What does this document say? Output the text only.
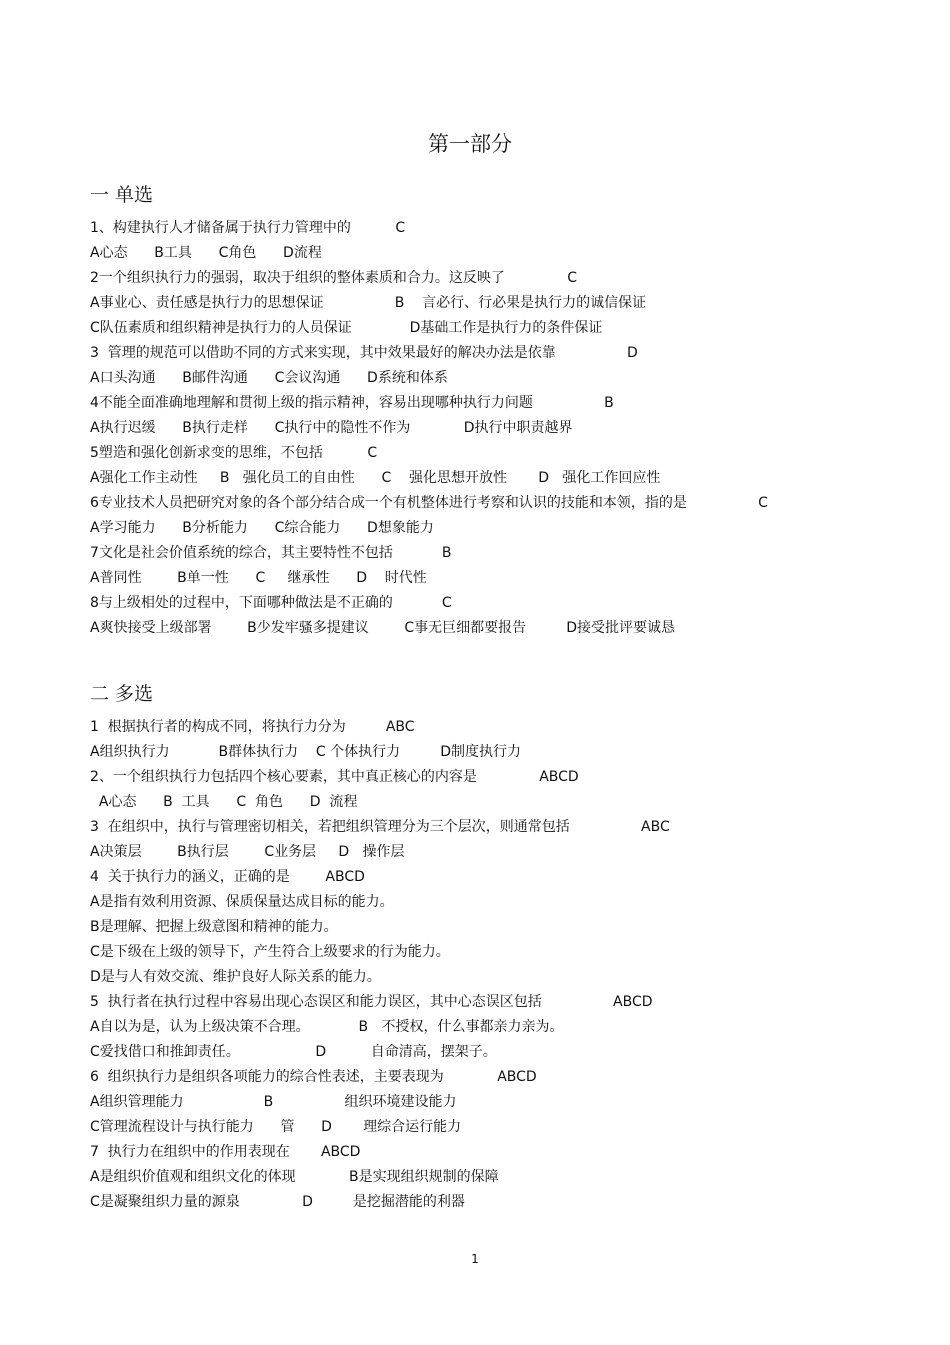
第一部分
一 单选
1、构建执行人才储备属于执行力管理中的          C
A心态      B工具      C角色      D流程
2一个组织执行力的强弱，取决于组织的整体素质和合力。这反映了              C
A事业心、责任感是执行力的思想保证                B    言必行、行必果是执行力的诚信保证
C队伍素质和组织精神是执行力的人员保证             D基础工作是执行力的条件保证
3  管理的规范可以借助不同的方式来实现，其中效果最好的解决办法是依靠                D
A口头沟通      B邮件沟通      C会议沟通      D系统和体系
4不能全面准确地理解和贯彻上级的指示精神，容易出现哪种执行力问题                B
A执行迟缓      B执行走样      C执行中的隐性不作为            D执行中职责越界
5塑造和强化创新求变的思维，不包括          C
A强化工作主动性     B   强化员工的自由性      C    强化思想开放性       D   强化工作回应性
6专业技术人员把研究对象的各个部分结合成一个有机整体进行考察和认识的技能和本领，指的是                C
A学习能力      B分析能力      C综合能力      D想象能力
7文化是社会价值系统的综合，其主要特性不包括           B
A普同性        B单一性      C     继承性      D    时代性
8与上级相处的过程中，下面哪种做法是不正确的           C
A爽快接受上级部署        B少发牢骚多提建议        C事无巨细都要报告         D接受批评要诚恳
二 多选
1  根据执行者的构成不同，将执行力分为         ABC
A组织执行力           B群体执行力    C 个体执行力         D制度执行力
2、一个组织执行力包括四个核心要素，其中真正核心的内容是              ABCD
A心态      B  工具      C  角色      D  流程
3  在组织中，执行与管理密切相关，若把组织管理分为三个层次，则通常包括                ABC
A决策层        B执行层        C业务层     D   操作层
4  关于执行力的涵义，正确的是        ABCD
A是指有效利用资源、保质保量达成目标的能力。
B是理解、把握上级意图和精神的能力。
C是下级在上级的领导下，产生符合上级要求的行为能力。
D是与人有效交流、维护良好人际关系的能力。
5  执行者在执行过程中容易出现心态误区和能力误区，其中心态误区包括                ABCD
A自以为是，认为上级决策不合理。           B   不授权，什么事都亲力亲为。
C爱找借口和推卸责任。                 D          自命清高，摆架子。
6  组织执行力是组织各项能力的综合性表述，主要表现为            ABCD
A组织管理能力                  B                组织环境建设能力
C管理流程设计与执行能力      管      D       理综合运行能力
7  执行力在组织中的作用表现在       ABCD
A是组织价值观和组织文化的体现            B是实现组织规制的保障
C是凝聚组织力量的源泉              D         是挖掘潜能的利器
1
